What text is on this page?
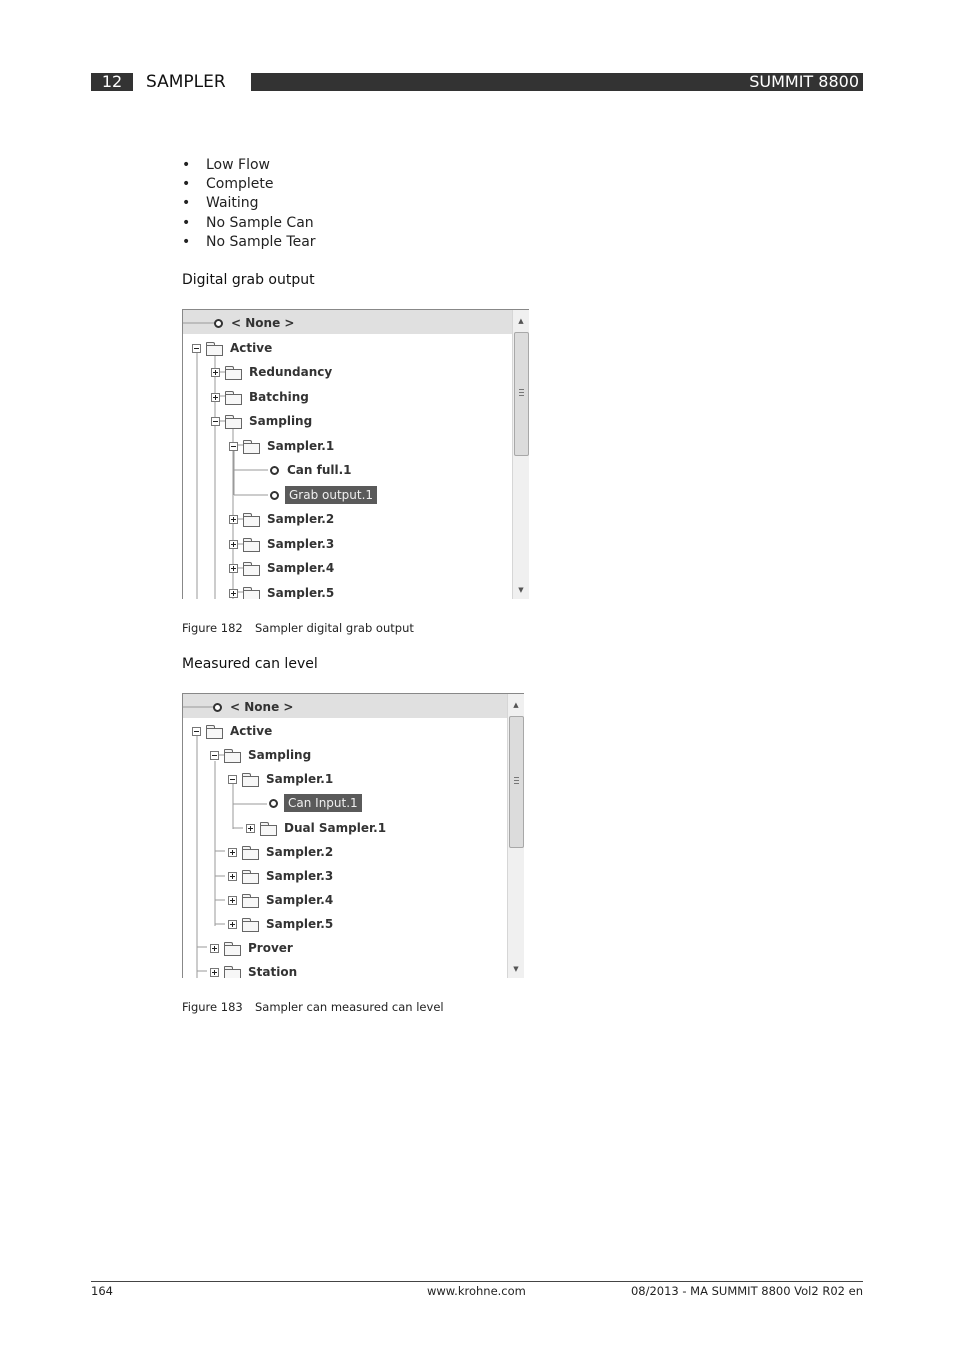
12	SAMPLER	SUMMIT 8800
• Low Flow
• Complete
• Waiting
• No Sample Can
• No Sample Tear
Digital grab output
< None >
Active
Redundancy
Batching
Sampling
Sampler.1
Can full.1
Grab output.1
Sampler.2
Sampler.3
Sampler.4
Sampler.5
▲
▼
Figure 182 Sampler digital grab output
Measured can level
< None >
Active
Sampling
Sampler.1
Can Input.1
Dual Sampler.1
Sampler.2
Sampler.3
Sampler.4
Sampler.5
Prover
Station
▲
▼
Figure 183 Sampler can measured can level
164	www.krohne.com	08/2013 - MA SUMMIT 8800 Vol2 R02 en
